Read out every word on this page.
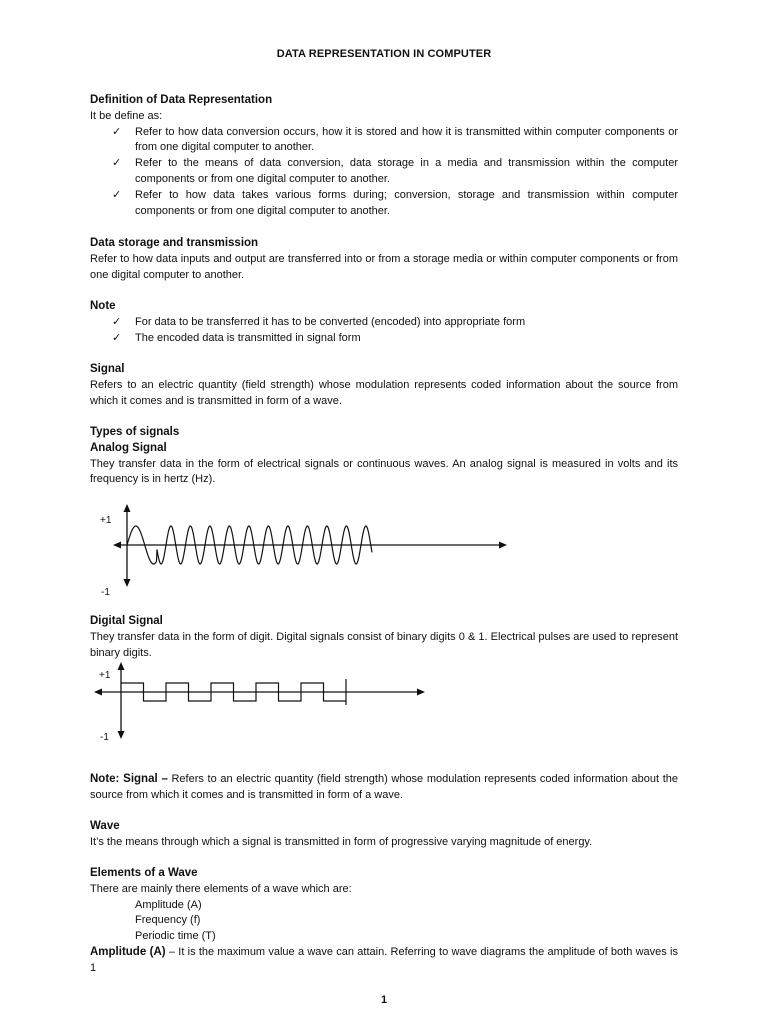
DATA REPRESENTATION IN COMPUTER
Definition of Data Representation

It be define as:

✓ Refer to how data conversion occurs, how it is stored and how it is transmitted within computer components or from one digital computer to another.
✓ Refer to the means of data conversion, data storage in a media and transmission within the computer components or from one digital computer to another.
✓ Refer to how data takes various forms during; conversion, storage and transmission within computer components or from one digital computer to another.
Data storage and transmission

Refer to how data inputs and output are transferred into or from a storage media or within computer components or from one digital computer to another.

Note
✓ For data to be transferred it has to be converted (encoded) into appropriate form
✓ The encoded data is transmitted in signal form
Signal

Refers to an electric quantity (field strength) whose modulation represents coded information about the source from which it comes and is transmitted in form of a wave.

Types of signals
Analog Signal

They transfer data in the form of electrical signals or continuous waves. An analog signal is measured in volts and its frequency is in hertz (Hz).

+1
-1
Digital Signal

They transfer data in the form of digit. Digital signals consist of binary digits 0 & 1. Electrical pulses are used to represent binary digits.

+1
-1

Note: Signal – Refers to an electric quantity (field strength) whose modulation represents coded information about the source from which it comes and is transmitted in form of a wave.

Wave

It’s the means through which a signal is transmitted in form of progressive varying magnitude of energy.

Elements of a Wave

There are mainly there elements of a wave which are:

Amplitude (A)
Frequency (f)
Periodic time (T)

Amplitude (A) – It is the maximum value a wave can attain. Referring to wave diagrams the amplitude of both waves is 1

1
